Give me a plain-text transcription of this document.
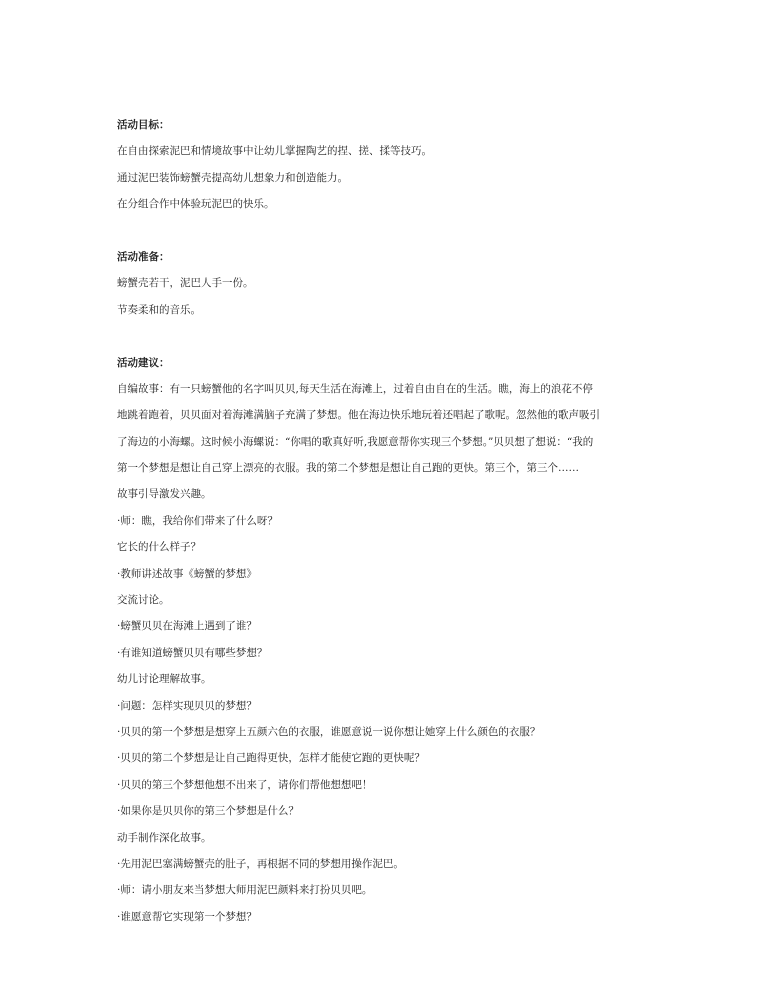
活动目标：
在自由探索泥巴和情境故事中让幼儿掌握陶艺的捏、搓、揉等技巧。
通过泥巴装饰螃蟹壳提高幼儿想象力和创造能力。
在分组合作中体验玩泥巴的快乐。
活动准备：
螃蟹壳若干，泥巴人手一份。
节奏柔和的音乐。
活动建议：
自编故事：有一只螃蟹他的名字叫贝贝,每天生活在海滩上，过着自由自在的生活。瞧，海上的浪花不停
地跳着跑着，贝贝面对着海滩满脑子充满了梦想。他在海边快乐地玩着还唱起了歌呢。忽然他的歌声吸引
了海边的小海螺。这时候小海螺说：“你唱的歌真好听,我愿意帮你实现三个梦想。”贝贝想了想说：“我的
第一个梦想是想让自己穿上漂亮的衣服。我的第二个梦想是想让自己跑的更快。第三个，第三个……
故事引导激发兴趣。
·师：瞧，我给你们带来了什么呀？
它长的什么样子？
·教师讲述故事《螃蟹的梦想》
交流讨论。
·螃蟹贝贝在海滩上遇到了谁？
·有谁知道螃蟹贝贝有哪些梦想？
幼儿讨论理解故事。
·问题：怎样实现贝贝的梦想？
·贝贝的第一个梦想是想穿上五颜六色的衣服，谁愿意说一说你想让她穿上什么颜色的衣服？
·贝贝的第二个梦想是让自己跑得更快，怎样才能使它跑的更快呢？
·贝贝的第三个梦想他想不出来了，请你们帮他想想吧！
·如果你是贝贝你的第三个梦想是什么？
动手制作深化故事。
·先用泥巴塞满螃蟹壳的肚子，再根据不同的梦想用操作泥巴。
·师：请小朋友来当梦想大师用泥巴颜料来打扮贝贝吧。
·谁愿意帮它实现第一个梦想？
